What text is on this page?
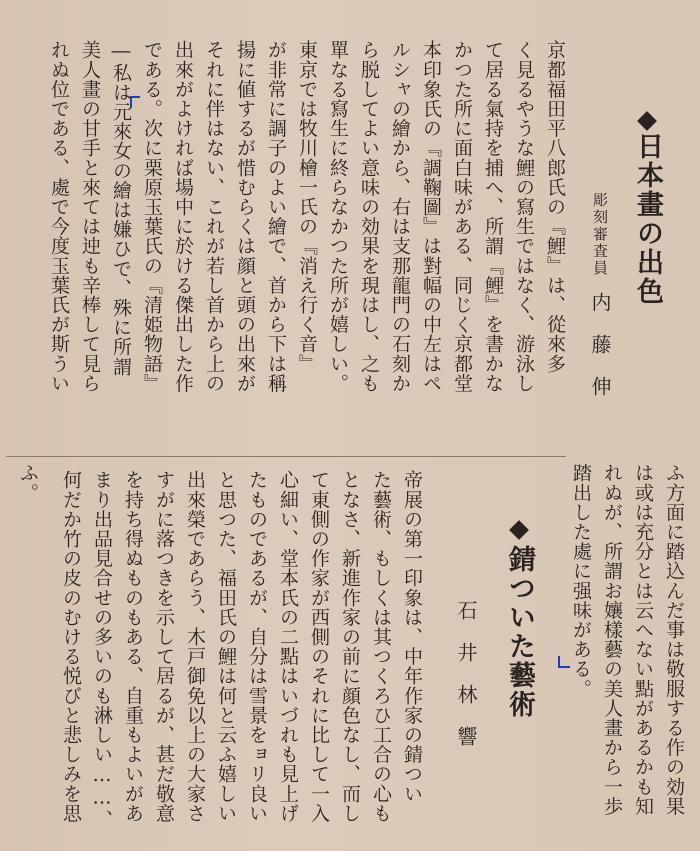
日本畫の出色
彫刻審査員
内藤伸
京都福田平八郎氏の『鯉』は、從來多
く見るやうな鯉の寫生ではなく、游泳し
て居る氣持を捕へ、所謂『鯉』を書かな
かつた所に面白味がある、同じく京都堂
本印象氏の『調鞠圖』は對幅の中左はペ
ルシャの繪から、右は支那龍門の石刻か
ら脱してよい意味の効果を現はし、之も
單なる寫生に終らなかつた所が嬉しい。
東京では牧川檜一氏の『消え行く音』
が非常に調子のよい繪で、首から下は稱
揚に値するが惜むらくは顔と頭の出來が
それに伴はない、これが若し首から上の
出來がよければ場中に於ける傑出した作
である。次に栗原玉葉氏の『清姫物語』
―私は元來女の繪は嫌ひで、殊に所謂
美人畫の甘手と來ては迚も辛棒して見ら
れぬ位である、處で今度玉葉氏が斯うい
ふ。	ふ方面に踏込んだ事は敬服する作の効果
は或は充分とは云へない點があるかも知
れぬが、所謂お孃樣藝の美人畫から一歩
踏出した處に强味がある。
錆ついた藝術
石井林響
帝展の第一印象は、中年作家の錆つい
た藝術、もしくは其つくろひ工合の心も
となさ、新進作家の前に顔色なし、而し
て東側の作家が西側のそれに比して一入
心細い、堂本氏の二點はいづれも見上げ
たものであるが、自分は雪景をョリ良い
と思つた、福田氏の鯉は何と云ふ嬉しい
出來榮であらう、木戸御免以上の大家さ
すがに落つきを示して居るが、甚だ敬意
を持ち得ぬものもある、自重もよいがあ
まり出品見合せの多いのも淋しい……、
何だか竹の皮のむける悦びと悲しみを思
